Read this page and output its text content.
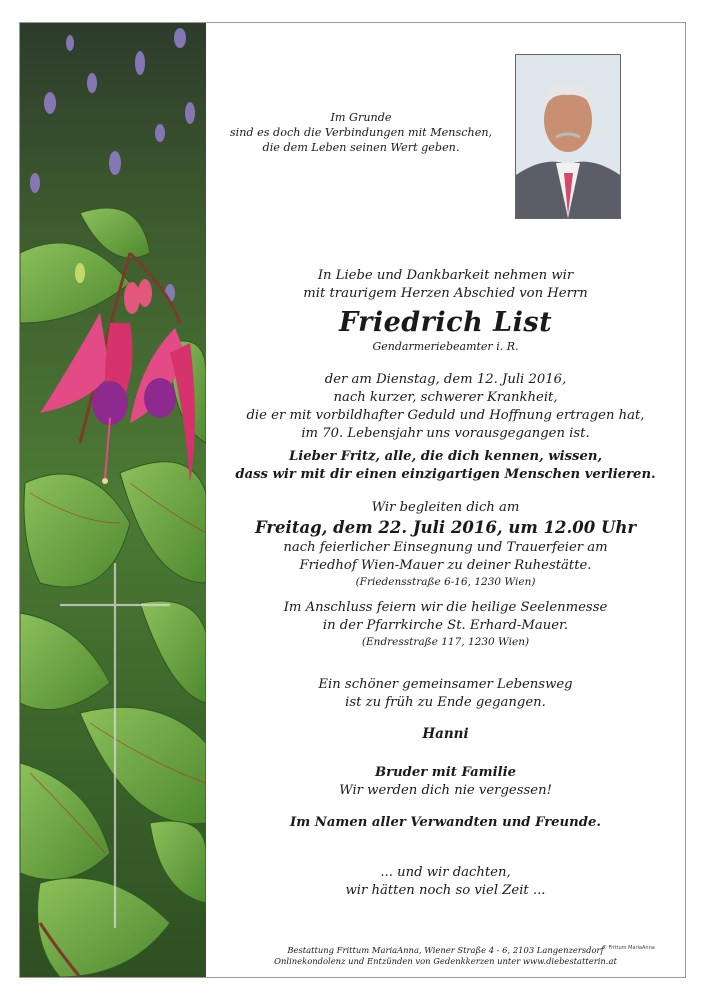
Im Grunde
sind es doch die Verbindungen mit Menschen,
die dem Leben seinen Wert geben.
In Liebe und Dankbarkeit nehmen wir
mit traurigem Herzen Abschied von Herrn
Friedrich List
Gendarmeriebeamter i. R.
der am Dienstag, dem 12. Juli 2016,
nach kurzer, schwerer Krankheit,
die er mit vorbildhafter Geduld und Hoffnung ertragen hat,
im 70. Lebensjahr uns vorausgegangen ist.
Lieber Fritz, alle, die dich kennen, wissen,
dass wir mit dir einen einzigartigen Menschen verlieren.
Wir begleiten dich am
Freitag, dem 22. Juli 2016, um 12.00 Uhr
nach feierlicher Einsegnung und Trauerfeier am
Friedhof Wien-Mauer zu deiner Ruhestätte.
(Friedensstraße 6-16, 1230 Wien)
Im Anschluss feiern wir die heilige Seelenmesse
in der Pfarrkirche St. Erhard-Mauer.
(Endresstraße 117, 1230 Wien)
Ein schöner gemeinsamer Lebensweg
ist zu früh zu Ende gegangen.
Hanni
Bruder mit Familie
Wir werden dich nie vergessen!
Im Namen aller Verwandten und Freunde.
... und wir dachten,
wir hätten noch so viel Zeit ...
Bestattung Frittum MariaAnna, Wiener Straße 4 - 6, 2103 Langenzersdorf
Onlinekondolenz und Entzünden von Gedenkkerzen unter www.diebestatterin.at
© Frittum MariaAnna
